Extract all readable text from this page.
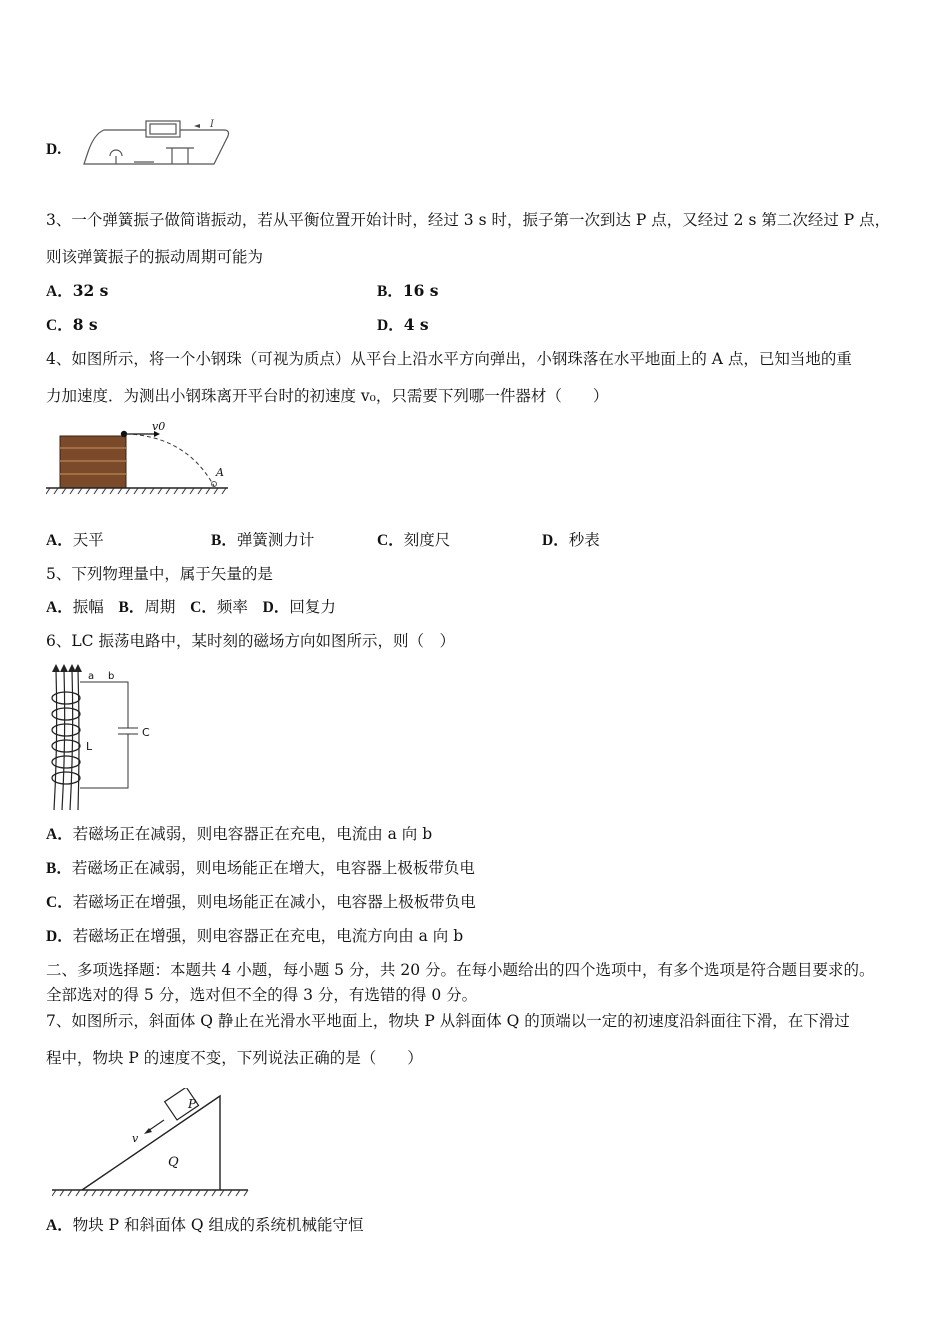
D.
I
3、一个弹簧振子做简谐振动，若从平衡位置开始计时，经过 3 s 时，振子第一次到达 P 点，又经过 2 s 第二次经过 P 点，
则该弹簧振子的振动周期可能为
A．32 s	B．16 s
C．8 s	D．4 s
4、如图所示，将一个小钢珠（可视为质点）从平台上沿水平方向弹出，小钢珠落在水平地面上的 A 点，已知当地的重
力加速度．为测出小钢珠离开平台时的初速度 v₀，只需要下列哪一件器材（　　）
v0
A
A．天平	B．弹簧测力计	C．刻度尺	D．秒表
5、下列物理量中，属于矢量的是
A．振幅 B．周期 C．频率 D．回复力
6、LC 振荡电路中，某时刻的磁场方向如图所示，则（　）
a b
L
C
A．若磁场正在减弱，则电容器正在充电，电流由 a 向 b
B．若磁场正在减弱，则电场能正在增大，电容器上极板带负电
C．若磁场正在增强，则电场能正在减小，电容器上极板带负电
D．若磁场正在增强，则电容器正在充电，电流方向由 a 向 b
二、多项选择题：本题共 4 小题，每小题 5 分，共 20 分。在每小题给出的四个选项中，有多个选项是符合题目要求的。
全部选对的得 5 分，选对但不全的得 3 分，有选错的得 0 分。
7、如图所示，斜面体 Q 静止在光滑水平地面上，物块 P 从斜面体 Q 的顶端以一定的初速度沿斜面往下滑，在下滑过
程中，物块 P 的速度不变，下列说法正确的是（　　）
P
v
Q
A．物块 P 和斜面体 Q 组成的系统机械能守恒
